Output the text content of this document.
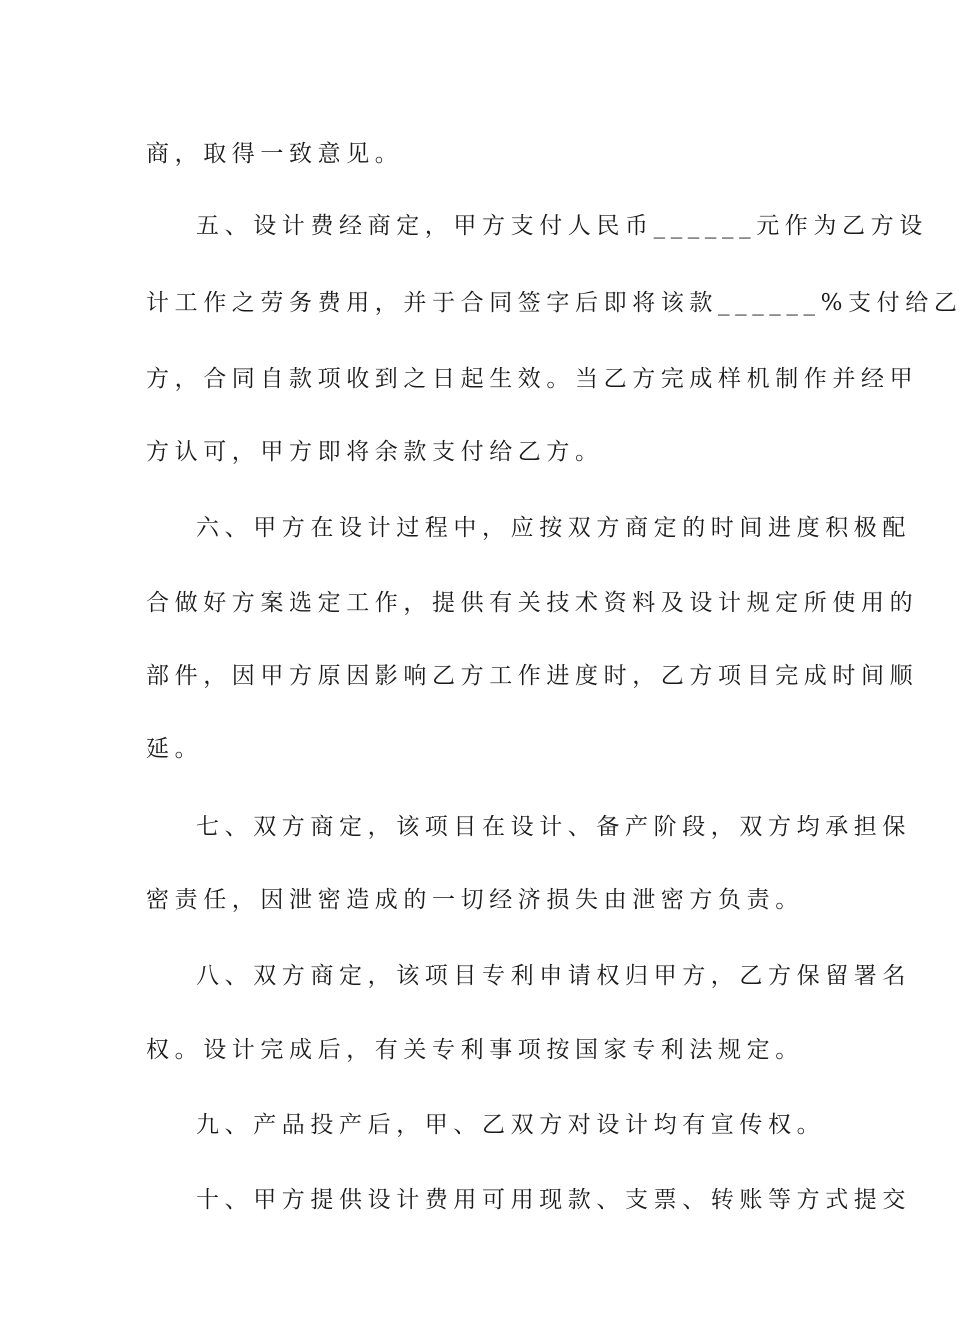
商，取得一致意见。
五、设计费经商定，甲方支付人民币______元作为乙方设
计工作之劳务费用，并于合同签字后即将该款______%支付给乙
方，合同自款项收到之日起生效。当乙方完成样机制作并经甲
方认可，甲方即将余款支付给乙方。
六、甲方在设计过程中，应按双方商定的时间进度积极配
合做好方案选定工作，提供有关技术资料及设计规定所使用的
部件，因甲方原因影响乙方工作进度时，乙方项目完成时间顺
延。
七、双方商定，该项目在设计、备产阶段，双方均承担保
密责任，因泄密造成的一切经济损失由泄密方负责。
八、双方商定，该项目专利申请权归甲方，乙方保留署名
权。设计完成后，有关专利事项按国家专利法规定。
九、产品投产后，甲、乙双方对设计均有宣传权。
十、甲方提供设计费用可用现款、支票、转账等方式提交
